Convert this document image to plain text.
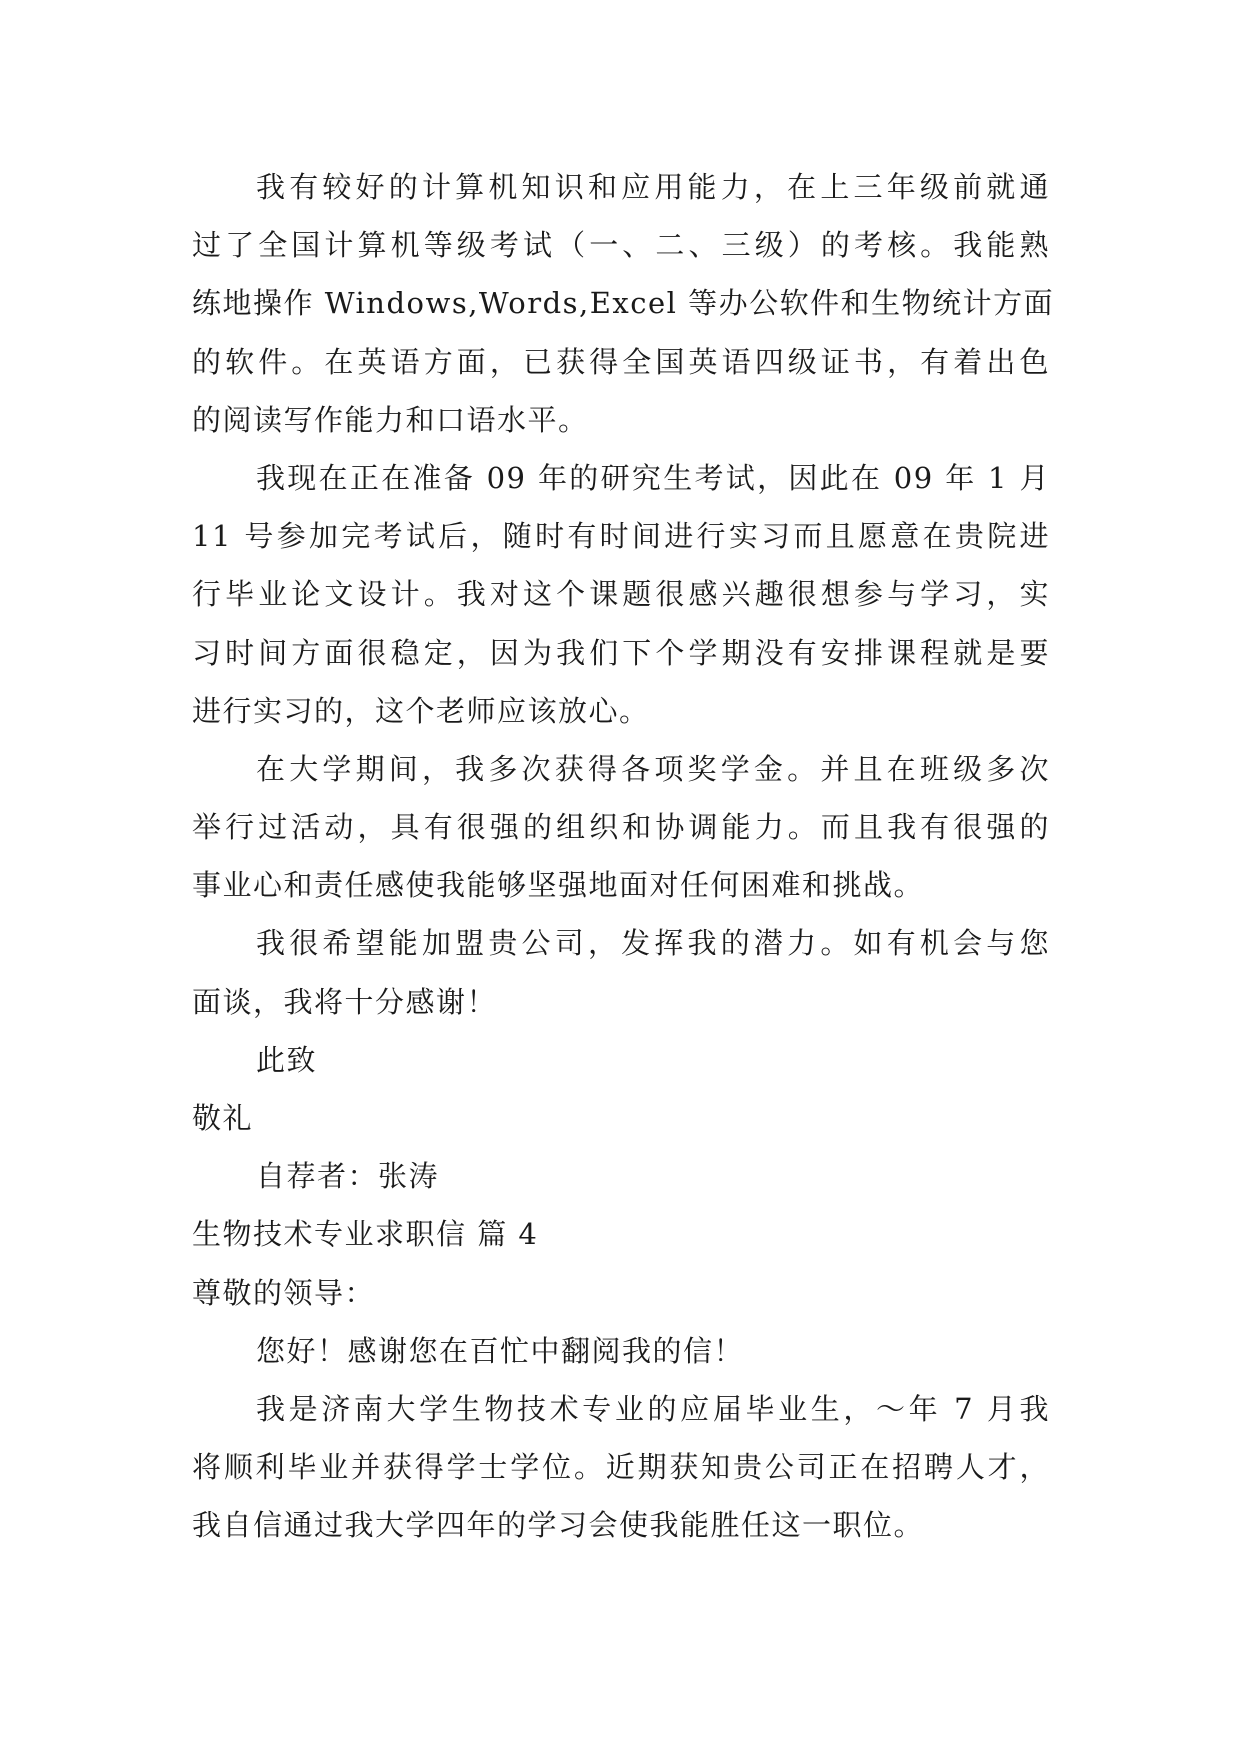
我有较好的计算机知识和应用能力，在上三年级前就通
过了全国计算机等级考试（一、二、三级）的考核。我能熟
练地操作 Windows,Words,Excel 等办公软件和生物统计方面
的软件。在英语方面，已获得全国英语四级证书，有着出色
的阅读写作能力和口语水平。
我现在正在准备 09 年的研究生考试，因此在 09 年 1 月
11 号参加完考试后，随时有时间进行实习而且愿意在贵院进
行毕业论文设计。我对这个课题很感兴趣很想参与学习，实
习时间方面很稳定，因为我们下个学期没有安排课程就是要
进行实习的，这个老师应该放心。
在大学期间，我多次获得各项奖学金。并且在班级多次
举行过活动，具有很强的组织和协调能力。而且我有很强的
事业心和责任感使我能够坚强地面对任何困难和挑战。
我很希望能加盟贵公司，发挥我的潜力。如有机会与您
面谈，我将十分感谢！
此致
敬礼
自荐者：张涛
生物技术专业求职信 篇 4
尊敬的领导：
您好！感谢您在百忙中翻阅我的信！
我是济南大学生物技术专业的应届毕业生，～年 7 月我
将顺利毕业并获得学士学位。近期获知贵公司正在招聘人才，
我自信通过我大学四年的学习会使我能胜任这一职位。
